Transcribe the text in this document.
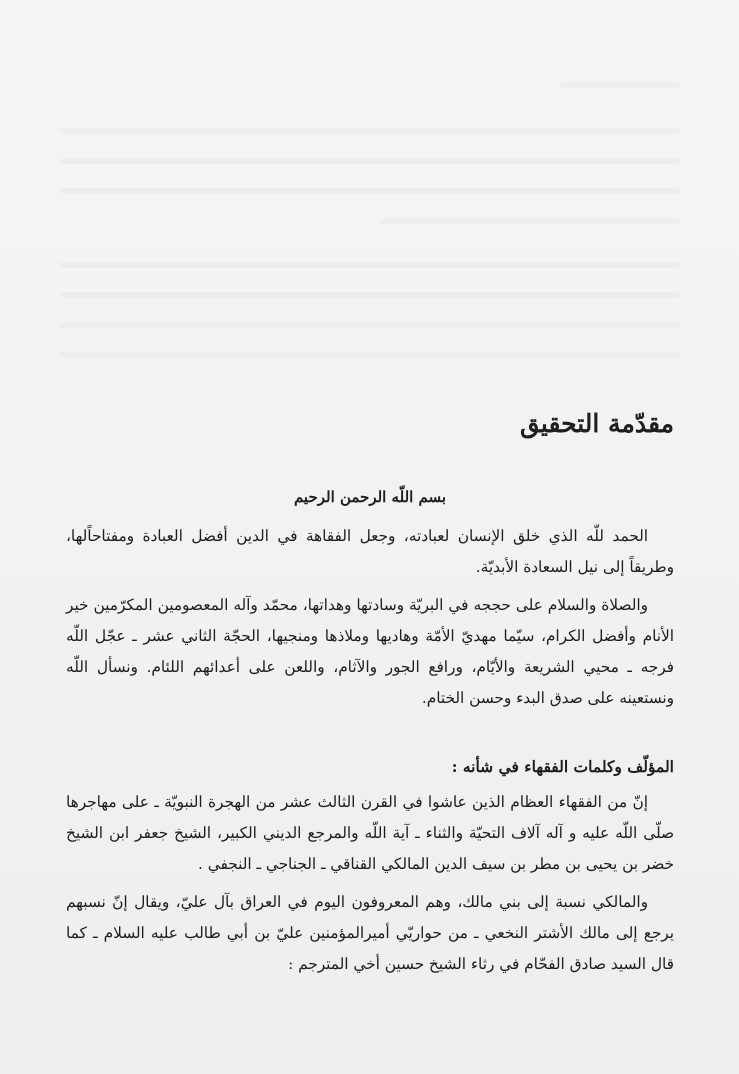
مقدّمة التحقيق
بسم اللّه الرحمن الرحيم

الحمد للّه الذي خلق الإنسان لعبادته، وجعل الفقاهة في الدين أفضل العبادة ومفتاحاًلها، وطريقاً إلى نيل السعادة الأبديّة.

والصلاة والسلام على حججه في البريّة وسادتها وهداتها، محمّد وآله المعصومين المكرّمين خير الأنام وأفضل الكرام، سيّما مهديّ الأمّة وهاديها وملاذها ومنجيها، الحجّة الثاني عشر ـ عجّل اللّه فرجه ـ محيي الشريعة والأيّام، ورافع الجور والآثام، واللعن على أعدائهم اللئام. ونسأل اللّه ونستعينه على صدق البدء وحسن الختام.

المؤلّف وكلمات الفقهاء في شأنه :

إنّ من الفقهاء العظام الذين عاشوا في القرن الثالث عشر من الهجرة النبويّة ـ على مهاجرها صلّى اللّه عليه و آله آلاف التحيّة والثناء ـ آية اللّه والمرجع الديني الكبير، الشيخ جعفر ابن الشيخ خضر بن يحيى بن مطر بن سيف الدين المالكي القناقي ـ الجناجي ـ النجفي .

والمالكي نسبة إلى بني مالك، وهم المعروفون اليوم في العراق بآل عليّ، ويقال إنّ نسبهم يرجع إلى مالك الأشتر النخعي ـ من حواريّي أميرالمؤمنين عليّ بن أبي طالب عليه السلام ـ كما قال السيد صادق الفحّام في رثاء الشيخ حسين أخي المترجم :
